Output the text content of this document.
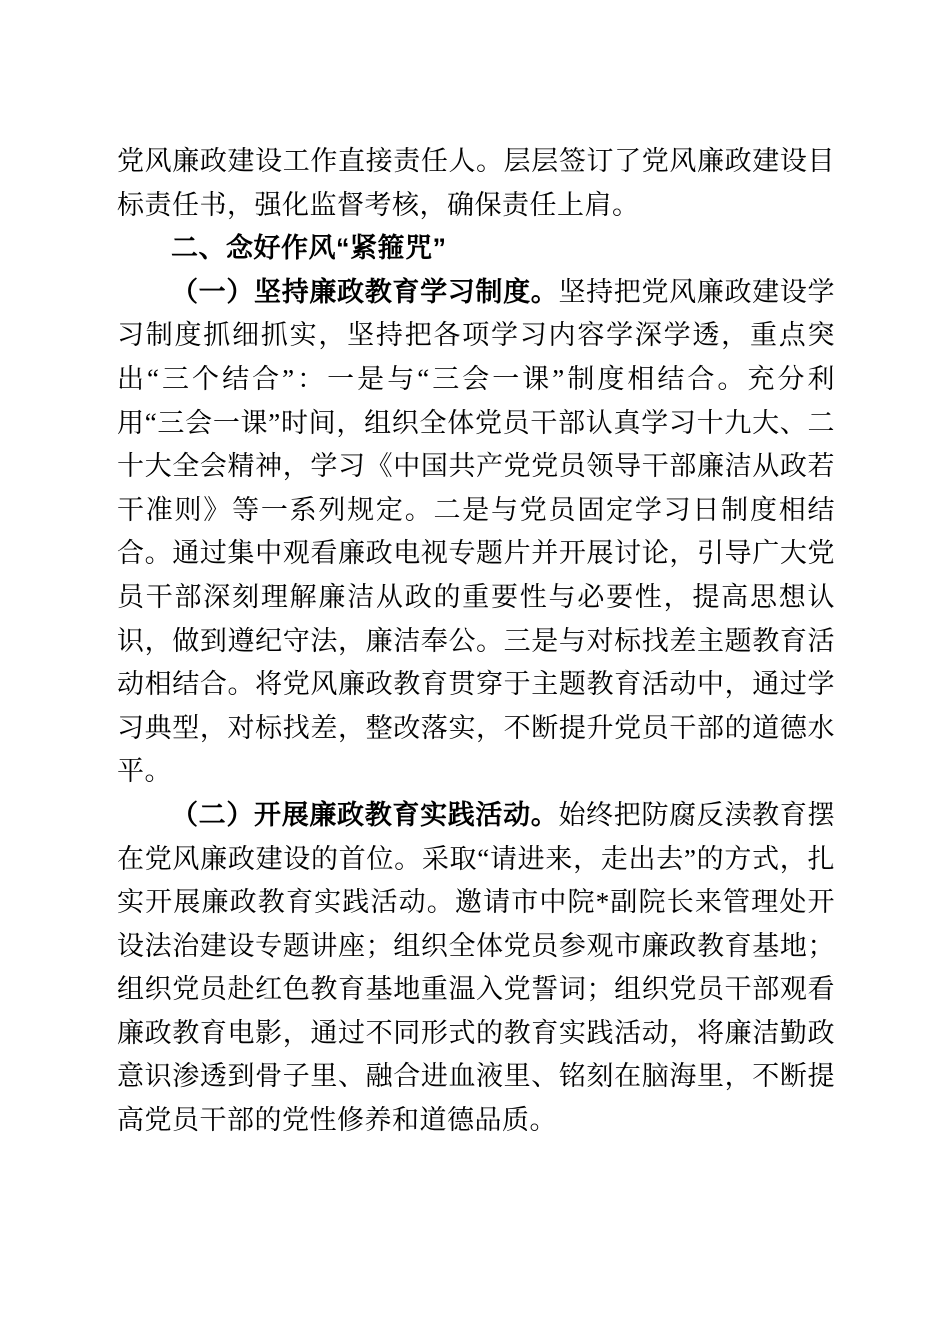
党风廉政建设工作直接责任人。层层签订了党风廉政建设目标责任书，强化监督考核，确保责任上肩。

二、念好作风“紧箍咒”

（一）坚持廉政教育学习制度。坚持把党风廉政建设学习制度抓细抓实，坚持把各项学习内容学深学透，重点突出“三个结合”：一是与“三会一课”制度相结合。充分利用“三会一课”时间，组织全体党员干部认真学习十九大、二十大全会精神，学习《中国共产党党员领导干部廉洁从政若干准则》等一系列规定。二是与党员固定学习日制度相结合。通过集中观看廉政电视专题片并开展讨论，引导广大党员干部深刻理解廉洁从政的重要性与必要性，提高思想认识，做到遵纪守法，廉洁奉公。三是与对标找差主题教育活动相结合。将党风廉政教育贯穿于主题教育活动中，通过学习典型，对标找差，整改落实，不断提升党员干部的道德水平。

（二）开展廉政教育实践活动。始终把防腐反渎教育摆在党风廉政建设的首位。采取“请进来，走出去”的方式，扎实开展廉政教育实践活动。邀请市中院*副院长来管理处开设法治建设专题讲座；组织全体党员参观市廉政教育基地；组织党员赴红色教育基地重温入党誓词；组织党员干部观看廉政教育电影，通过不同形式的教育实践活动，将廉洁勤政意识渗透到骨子里、融合进血液里、铭刻在脑海里，不断提高党员干部的党性修养和道德品质。
